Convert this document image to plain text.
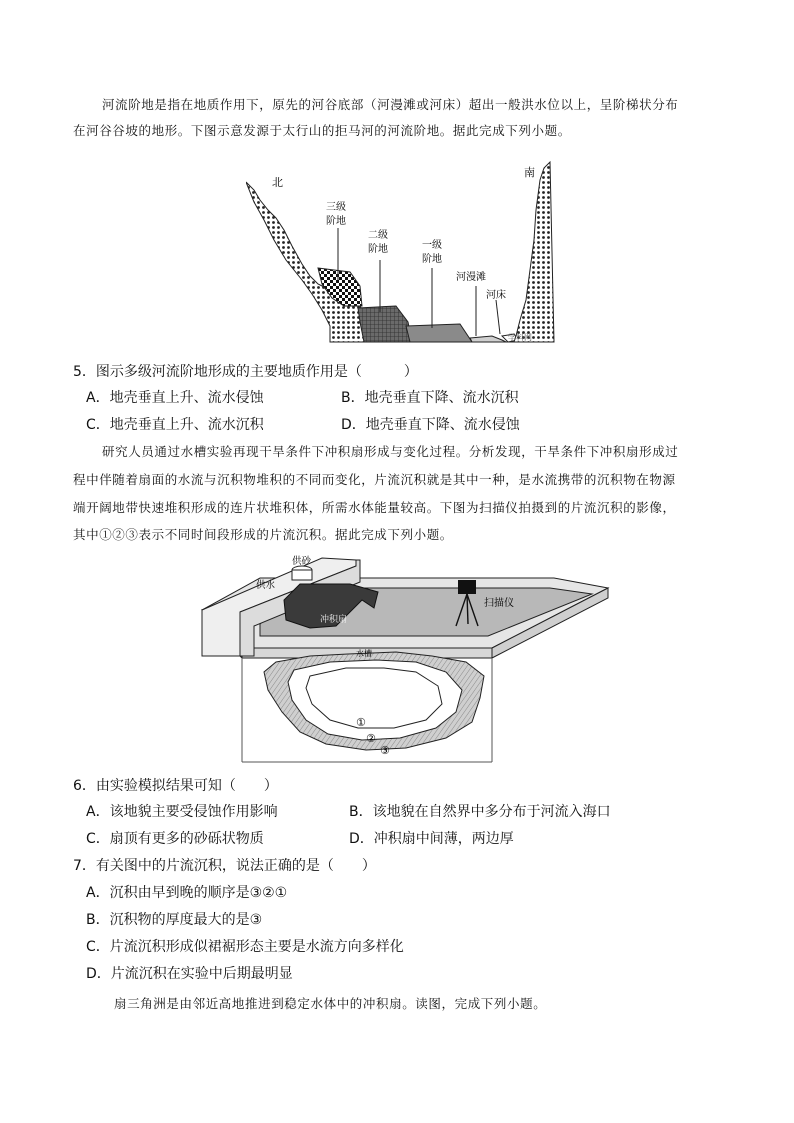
河流阶地是指在地质作用下，原先的河谷底部（河漫滩或河床）超出一般洪水位以上，呈阶梯状分布
在河谷谷坡的地形。下图示意发源于太行山的拒马河的河流阶地。据此完成下列小题。
北
南
三级
阶地
二级
阶地	一级
阶地
河漫滩
河床
学科网
5．图示多级河流阶地形成的主要地质作用是（　　　）
A．地壳垂直上升、流水侵蚀	B．地壳垂直下降、流水沉积
C．地壳垂直上升、流水沉积	D．地壳垂直下降、流水侵蚀
研究人员通过水槽实验再现干旱条件下冲积扇形成与变化过程。分析发现，干旱条件下冲积扇形成过
程中伴随着扇面的水流与沉积物堆积的不同而变化，片流沉积就是其中一种，是水流携带的沉积物在物源
端开阔地带快速堆积形成的连片状堆积体，所需水体能量较高。下图为扫描仪拍摄到的片流沉积的影像，
其中①②③表示不同时间段形成的片流沉积。据此完成下列小题。
供砂
供水
冲积扇
扫描仪
水槽
①
②
③
6．由实验模拟结果可知（　　）
A．该地貌主要受侵蚀作用影响	B．该地貌在自然界中多分布于河流入海口
C．扇顶有更多的砂砾状物质	D．冲积扇中间薄，两边厚
7．有关图中的片流沉积，说法正确的是（　　）
A．沉积由早到晚的顺序是③②①
B．沉积物的厚度最大的是③
C．片流沉积形成似裙裾形态主要是水流方向多样化
D．片流沉积在实验中后期最明显
扇三角洲是由邻近高地推进到稳定水体中的冲积扇。读图，完成下列小题。
